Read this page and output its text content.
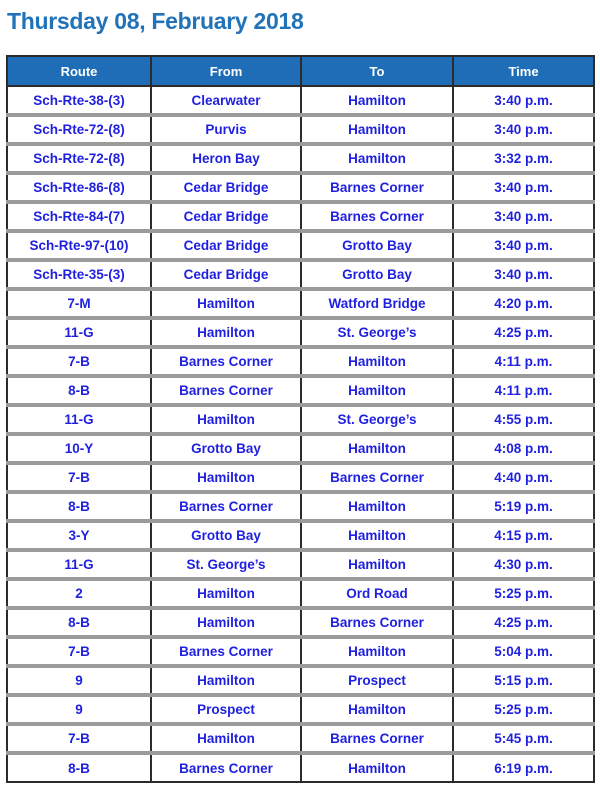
Thursday 08, February 2018
Route	From	To	Time
Sch-Rte-38-(3)	Clearwater	Hamilton	3:40 p.m.
Sch-Rte-72-(8)	Purvis	Hamilton	3:40 p.m.
Sch-Rte-72-(8)	Heron Bay	Hamilton	3:32 p.m.
Sch-Rte-86-(8)	Cedar Bridge	Barnes Corner	3:40 p.m.
Sch-Rte-84-(7)	Cedar Bridge	Barnes Corner	3:40 p.m.
Sch-Rte-97-(10)	Cedar Bridge	Grotto Bay	3:40 p.m.
Sch-Rte-35-(3)	Cedar Bridge	Grotto Bay	3:40 p.m.
7-M	Hamilton	Watford Bridge	4:20 p.m.
11-G	Hamilton	St. George’s	4:25 p.m.
7-B	Barnes Corner	Hamilton	4:11 p.m.
8-B	Barnes Corner	Hamilton	4:11 p.m.
11-G	Hamilton	St. George’s	4:55 p.m.
10-Y	Grotto Bay	Hamilton	4:08 p.m.
7-B	Hamilton	Barnes Corner	4:40 p.m.
8-B	Barnes Corner	Hamilton	5:19 p.m.
3-Y	Grotto Bay	Hamilton	4:15 p.m.
11-G	St. George’s	Hamilton	4:30 p.m.
2	Hamilton	Ord Road	5:25 p.m.
8-B	Hamilton	Barnes Corner	4:25 p.m.
7-B	Barnes Corner	Hamilton	5:04 p.m.
9	Hamilton	Prospect	5:15 p.m.
9	Prospect	Hamilton	5:25 p.m.
7-B	Hamilton	Barnes Corner	5:45 p.m.
8-B	Barnes Corner	Hamilton	6:19 p.m.
